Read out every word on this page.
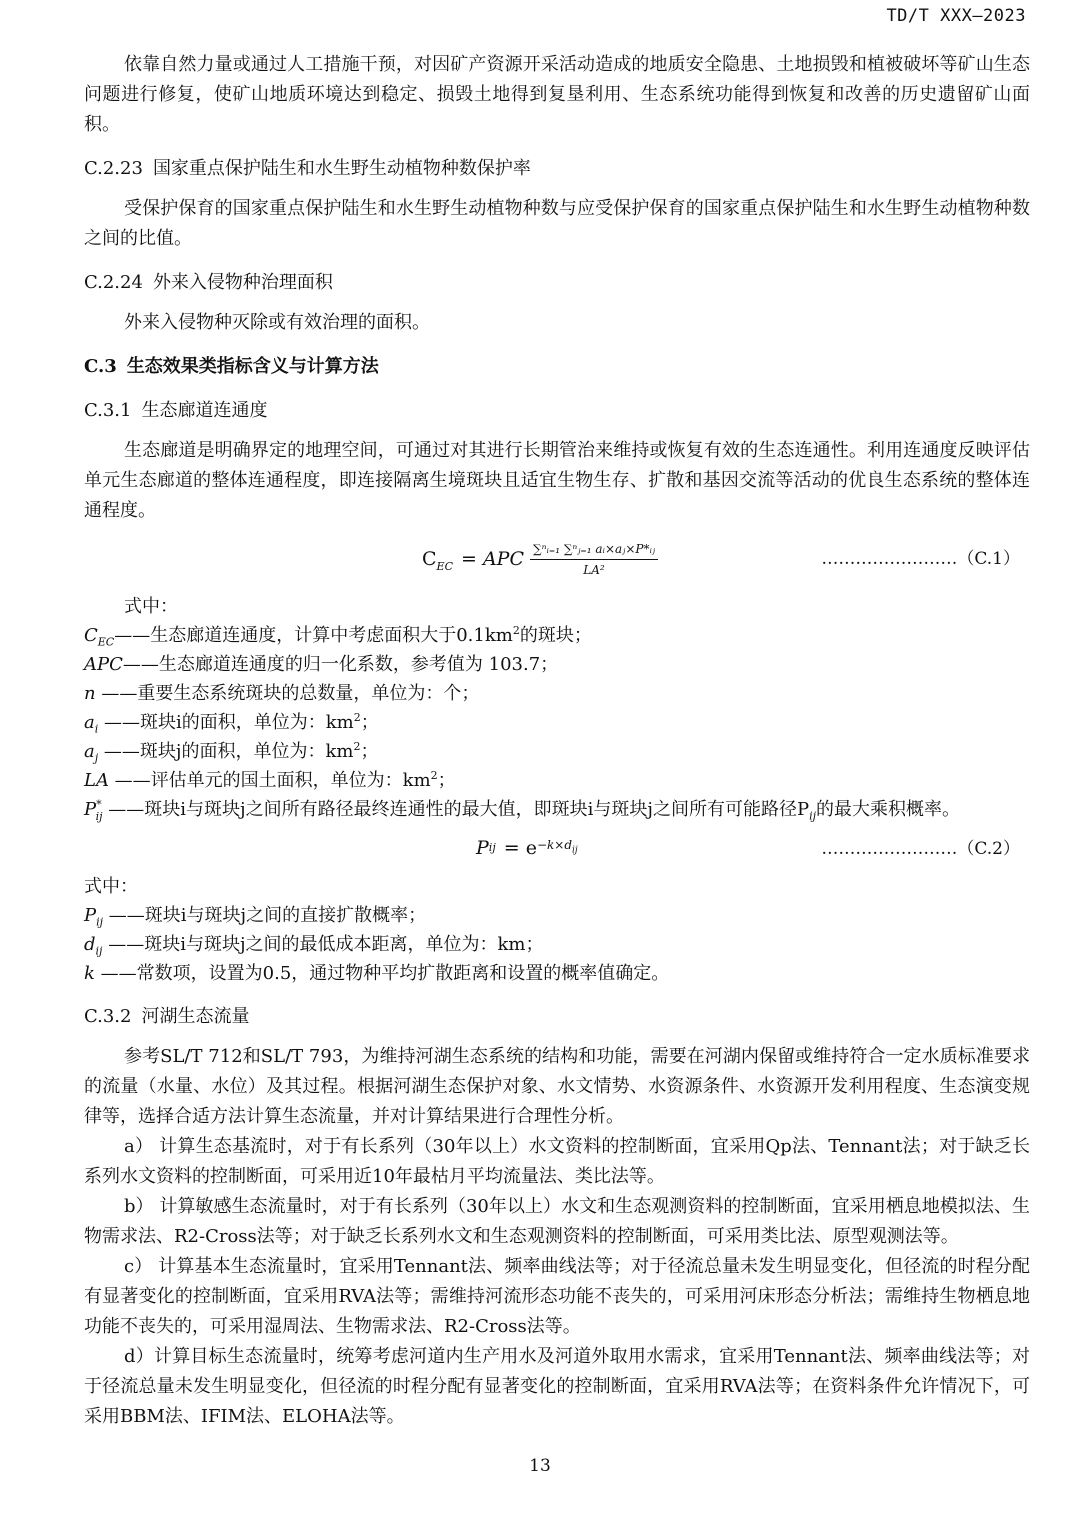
TD/T XXX—2023

依靠自然力量或通过人工措施干预，对因矿产资源开采活动造成的地质安全隐患、土地损毁和植被破坏等矿山生态问题进行修复，使矿山地质环境达到稳定、损毁土地得到复垦利用、生态系统功能得到恢复和改善的历史遗留矿山面积。

C.2.23 国家重点保护陆生和水生野生动植物种数保护率

受保护保育的国家重点保护陆生和水生野生动植物种数与应受保护保育的国家重点保护陆生和水生野生动植物种数之间的比值。

C.2.24 外来入侵物种治理面积

外来入侵物种灭除或有效治理的面积。

C.3 生态效果类指标含义与计算方法
C.3.1 生态廊道连通度

生态廊道是明确界定的地理空间，可通过对其进行长期管治来维持或恢复有效的生态连通性。利用连通度反映评估单元生态廊道的整体连通程度，即连接隔离生境斑块且适宜生物生存、扩散和基因交流等活动的优良生态系统的整体连通程度。

$C_{EC}$ = APC $\frac{\text{∑ⁿᵢ₌₁ ∑ⁿⱼ₌₁ aᵢ×aⱼ×P*ᵢⱼ}}{\text{LA²}}$	……………………（C.1）

式中：

$C_{EC}——$生态廊道连通度，计算中考虑面积大于$0.1km^2$的斑块；

APC——生态廊道连通度的归一化系数，参考值为 103.7；

n ——重要生态系统斑块的总数量，单位为：个；

$a_i$ ——斑块i的面积，单位为：$km^2$；

$a_j$ ——斑块j的面积，单位为：$km^2$；

LA ——评估单元的国土面积，单位为：$km^2$；

$P^*_{ij}$ ——斑块i与斑块j之间所有路径最终连通性的最大值，即斑块i与斑块j之间所有可能路径$P_{ij}$的最大乘积概率。

P ij = $e -k\times d_{ij}$	……………………（C.2）

式中：

$P_{ij}$ ——斑块i与斑块j之间的直接扩散概率；

$d_{ij}$ ——斑块i与斑块j之间的最低成本距离，单位为：km；

k ——常数项，设置为0.5，通过物种平均扩散距离和设置的概率值确定。

C.3.2 河湖生态流量

参考SL/T 712和SL/T 793，为维持河湖生态系统的结构和功能，需要在河湖内保留或维持符合一定水质标准要求的流量（水量、水位）及其过程。根据河湖生态保护对象、水文情势、水资源条件、水资源开发利用程度、生态演变规律等，选择合适方法计算生态流量，并对计算结果进行合理性分析。

a） 计算生态基流时，对于有长系列（30年以上）水文资料的控制断面，宜采用Qp法、Tennant法；对于缺乏长系列水文资料的控制断面，可采用近10年最枯月平均流量法、类比法等。

b） 计算敏感生态流量时，对于有长系列（30年以上）水文和生态观测资料的控制断面，宜采用栖息地模拟法、生物需求法、R2-Cross法等；对于缺乏长系列水文和生态观测资料的控制断面，可采用类比法、原型观测法等。

c） 计算基本生态流量时，宜采用Tennant法、频率曲线法等；对于径流总量未发生明显变化，但径流的时程分配有显著变化的控制断面，宜采用RVA法等；需维持河流形态功能不丧失的，可采用河床形态分析法；需维持生物栖息地功能不丧失的，可采用湿周法、生物需求法、R2-Cross法等。

d）计算目标生态流量时，统筹考虑河道内生产用水及河道外取用水需求，宜采用Tennant法、频率曲线法等；对于径流总量未发生明显变化，但径流的时程分配有显著变化的控制断面，宜采用RVA法等；在资料条件允许情况下，可采用BBM法、IFIM法、ELOHA法等。

13
